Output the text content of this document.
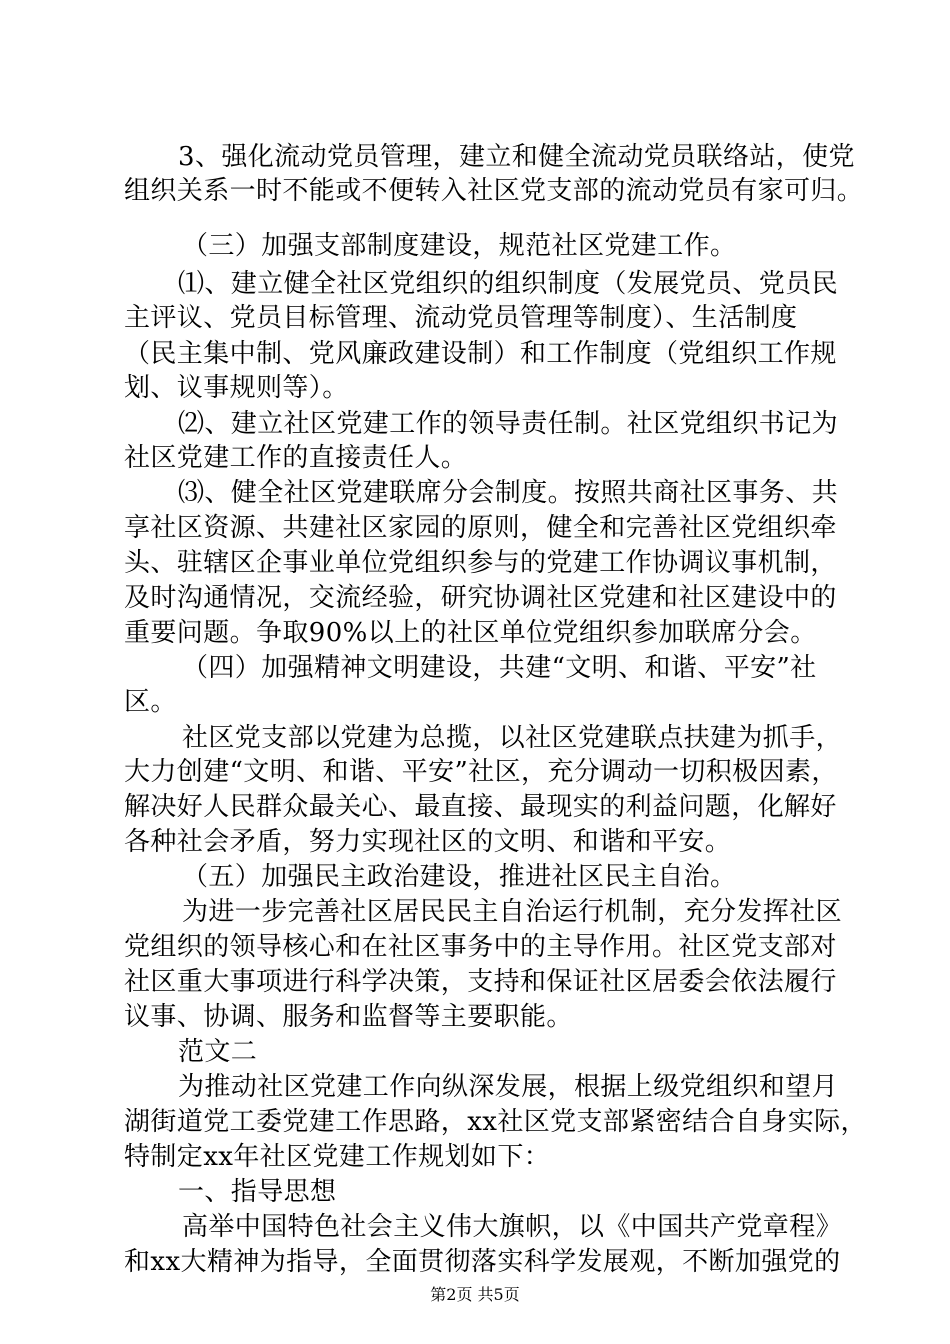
3、强化流动党员管理，建立和健全流动党员联络站，使党
组织关系一时不能或不便转入社区党支部的流动党员有家可归。
（三）加强支部制度建设，规范社区党建工作。
⑴、建立健全社区党组织的组织制度（发展党员、党员民
主评议、党员目标管理、流动党员管理等制度）、生活制度
（民主集中制、党风廉政建设制）和工作制度（党组织工作规
划、议事规则等）。
⑵、建立社区党建工作的领导责任制。社区党组织书记为
社区党建工作的直接责任人。
⑶、健全社区党建联席分会制度。按照共商社区事务、共
享社区资源、共建社区家园的原则，健全和完善社区党组织牵
头、驻辖区企事业单位党组织参与的党建工作协调议事机制，
及时沟通情况，交流经验，研究协调社区党建和社区建设中的
重要问题。争取90%以上的社区单位党组织参加联席分会。
（四）加强精神文明建设，共建“文明、和谐、平安”社
区。
社区党支部以党建为总揽，以社区党建联点扶建为抓手，
大力创建“文明、和谐、平安”社区，充分调动一切积极因素，
解决好人民群众最关心、最直接、最现实的利益问题，化解好
各种社会矛盾，努力实现社区的文明、和谐和平安。
（五）加强民主政治建设，推进社区民主自治。
为进一步完善社区居民民主自治运行机制，充分发挥社区
党组织的领导核心和在社区事务中的主导作用。社区党支部对
社区重大事项进行科学决策，支持和保证社区居委会依法履行
议事、协调、服务和监督等主要职能。
范文二
为推动社区党建工作向纵深发展，根据上级党组织和望月
湖街道党工委党建工作思路，xx社区党支部紧密结合自身实际，
特制定xx年社区党建工作规划如下：
一、指导思想
高举中国特色社会主义伟大旗帜，以《中国共产党章程》
和xx大精神为指导，全面贯彻落实科学发展观，不断加强党的
第2页 共5页
